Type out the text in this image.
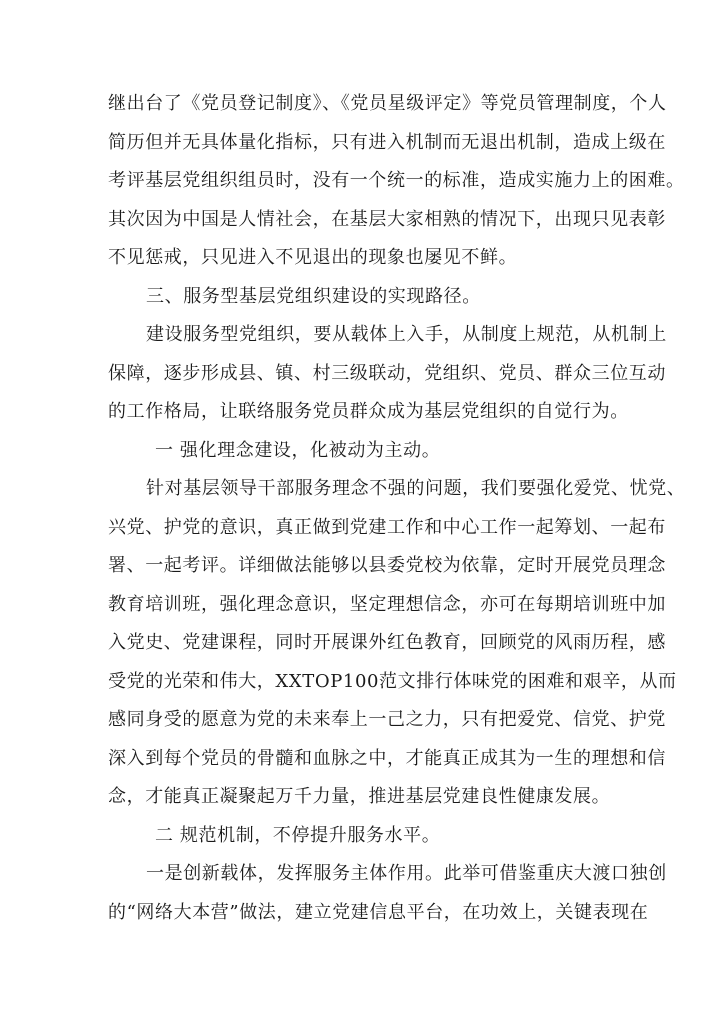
继出台了《党员登记制度》、《党员星级评定》等党员管理制度，个人
简历但并无具体量化指标，只有进入机制而无退出机制，造成上级在
考评基层党组织组员时，没有一个统一的标准，造成实施力上的困难。
其次因为中国是人情社会，在基层大家相熟的情况下，出现只见表彰
不见惩戒，只见进入不见退出的现象也屡见不鲜。
三、服务型基层党组织建设的实现路径。
建设服务型党组织，要从载体上入手，从制度上规范，从机制上
保障，逐步形成县、镇、村三级联动，党组织、党员、群众三位互动
的工作格局，让联络服务党员群众成为基层党组织的自觉行为。
一 强化理念建设，化被动为主动。
针对基层领导干部服务理念不强的问题，我们要强化爱党、忧党、
兴党、护党的意识，真正做到党建工作和中心工作一起筹划、一起布
署、一起考评。详细做法能够以县委党校为依靠，定时开展党员理念
教育培训班，强化理念意识，坚定理想信念，亦可在每期培训班中加
入党史、党建课程，同时开展课外红色教育，回顾党的风雨历程，感
受党的光荣和伟大，XXTOP100范文排行体味党的困难和艰辛，从而
感同身受的愿意为党的未来奉上一己之力，只有把爱党、信党、护党
深入到每个党员的骨髓和血脉之中，才能真正成其为一生的理想和信
念，才能真正凝聚起万千力量，推进基层党建良性健康发展。
二 规范机制，不停提升服务水平。
一是创新载体，发挥服务主体作用。此举可借鉴重庆大渡口独创
的“网络大本营”做法，建立党建信息平台，在功效上，关键表现在
